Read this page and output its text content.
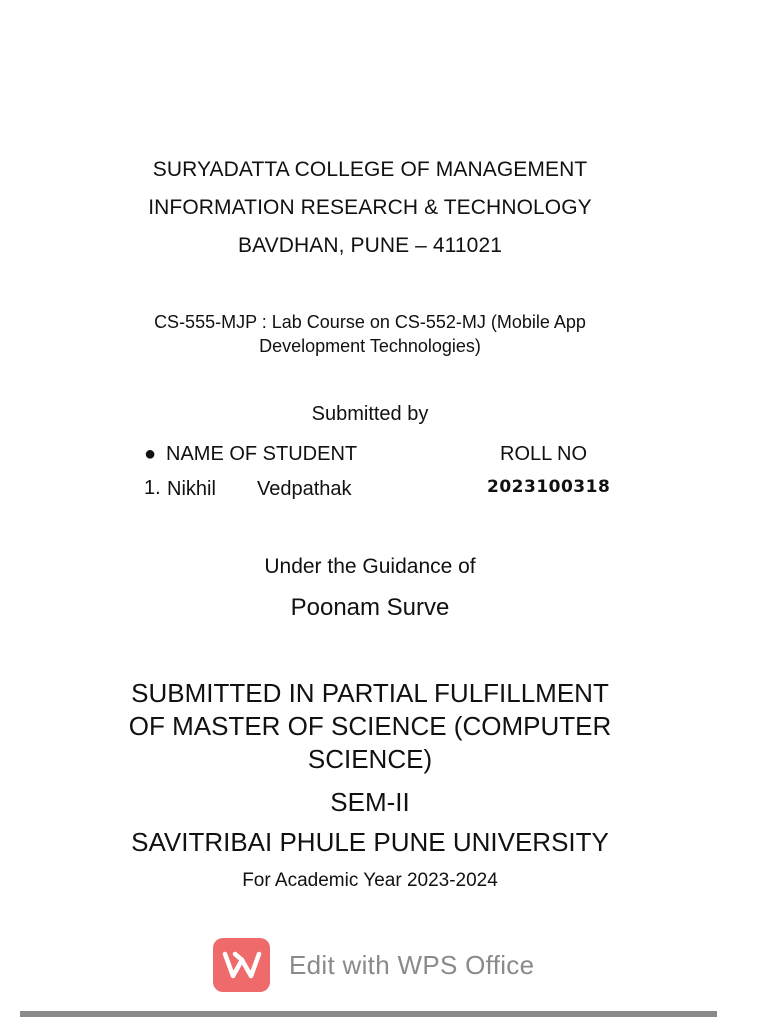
SURYADATTA COLLEGE OF MANAGEMENT
INFORMATION RESEARCH & TECHNOLOGY
BAVDHAN, PUNE – 411021
CS-555-MJP : Lab Course on CS-552-MJ (Mobile App
Development Technologies)
Submitted by
● NAME OF STUDENT	ROLL NO
1. Nikhil Vedpathak	2023100318
Under the Guidance of
Poonam Surve
SUBMITTED IN PARTIAL FULFILLMENT
OF MASTER OF SCIENCE (COMPUTER
SCIENCE)
SEM-II
SAVITRIBAI PHULE PUNE UNIVERSITY
For Academic Year 2023-2024
Edit with WPS Office
